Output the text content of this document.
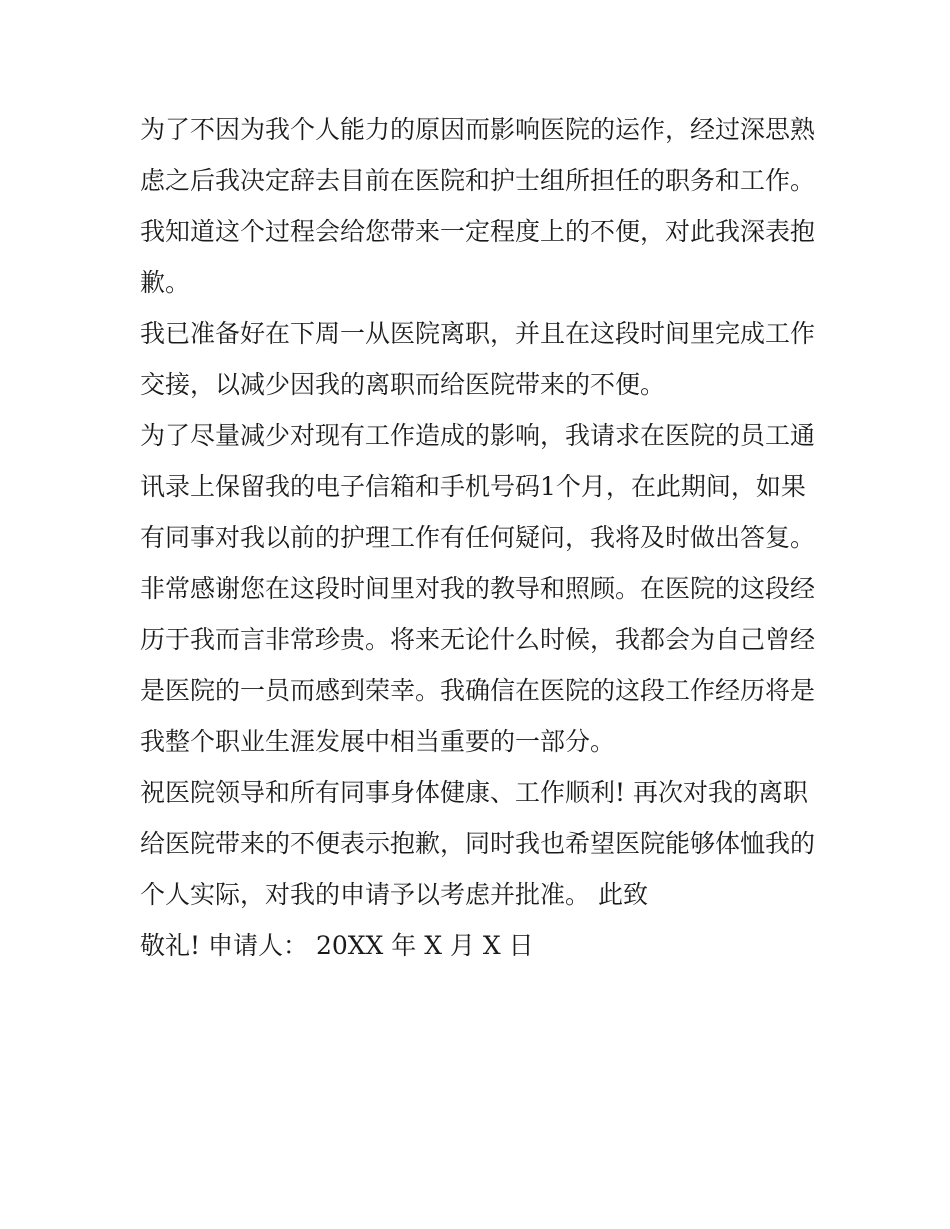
为了不因为我个人能力的原因而影响医院的运作，经过深思熟
虑之后我决定辞去目前在医院和护士组所担任的职务和工作。
我知道这个过程会给您带来一定程度上的不便，对此我深表抱
歉。
我已准备好在下周一从医院离职，并且在这段时间里完成工作
交接，以减少因我的离职而给医院带来的不便。
为了尽量减少对现有工作造成的影响，我请求在医院的员工通
讯录上保留我的电子信箱和手机号码1个月，在此期间，如果
有同事对我以前的护理工作有任何疑问，我将及时做出答复。
非常感谢您在这段时间里对我的教导和照顾。在医院的这段经
历于我而言非常珍贵。将来无论什么时候，我都会为自己曾经
是医院的一员而感到荣幸。我确信在医院的这段工作经历将是
我整个职业生涯发展中相当重要的一部分。
祝医院领导和所有同事身体健康、工作顺利! 再次对我的离职
给医院带来的不便表示抱歉，同时我也希望医院能够体恤我的
个人实际，对我的申请予以考虑并批准。 此致
敬礼! 申请人： 20XX 年 X 月 X 日
